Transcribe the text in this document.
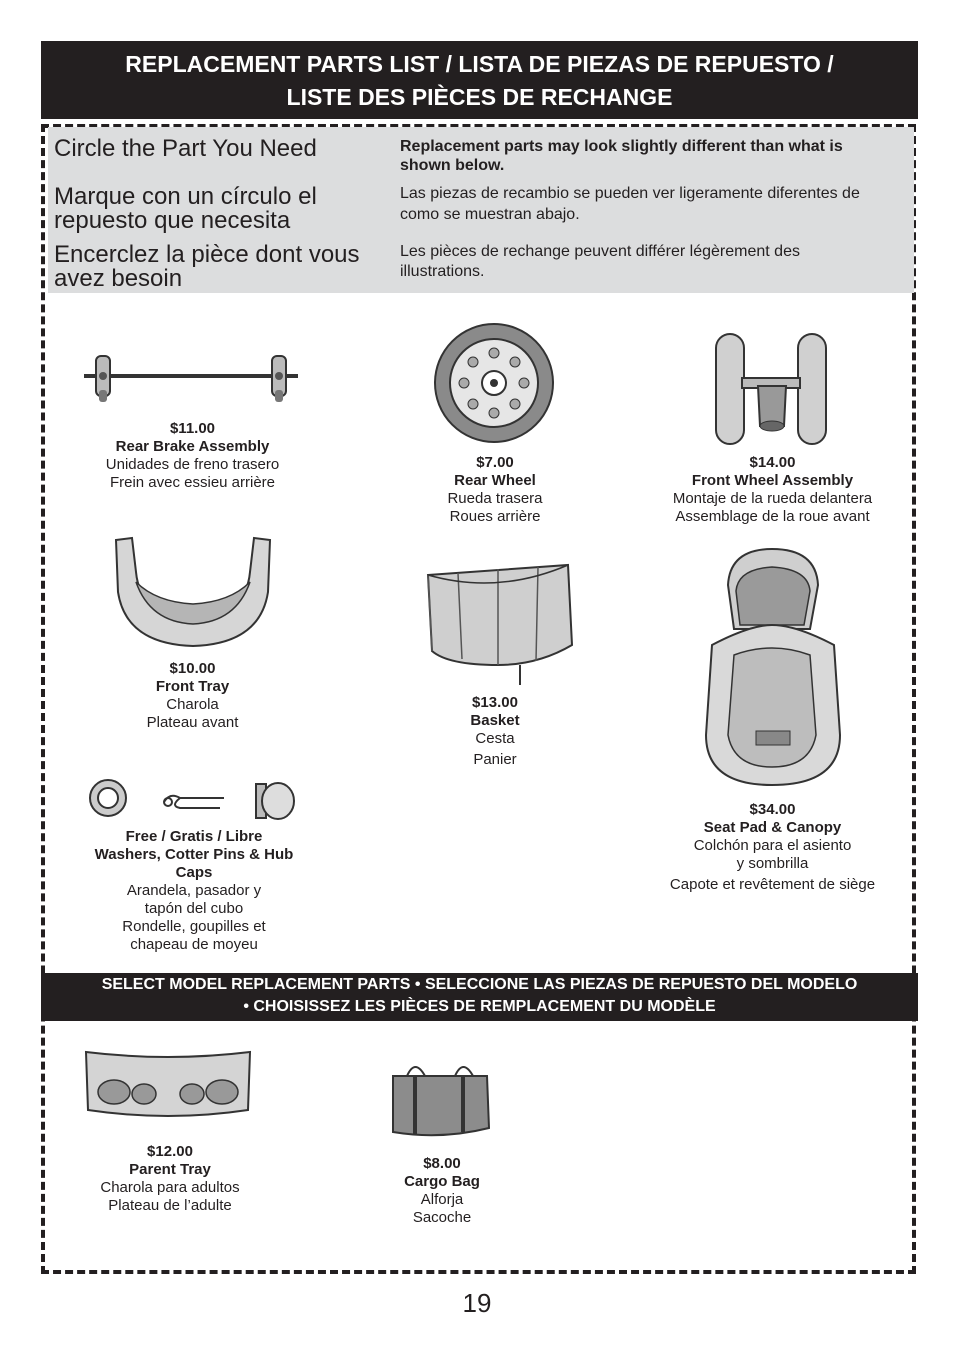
REPLACEMENT PARTS LIST / LISTA DE PIEZAS DE REPUESTO /
LISTE DES PIÈCES DE RECHANGE
Circle the Part You Need
Marque con un círculo el
repuesto que necesita
Encerclez la pièce dont vous
avez besoin
Replacement parts may look slightly different than what is
shown below.
Las piezas de recambio se pueden ver ligeramente diferentes de
como se muestran abajo.
Les pièces de rechange peuvent différer légèrement des
illustrations.
$11.00
Rear Brake Assembly
Unidades de freno trasero
Frein avec essieu arrière
$7.00
Rear Wheel
Rueda trasera
Roues arrière
$14.00
Front Wheel Assembly
Montaje de la rueda delantera
Assemblage de la roue avant
$10.00
Front Tray
Charola
Plateau avant
$13.00
Basket
Cesta
Panier
$34.00
Seat Pad & Canopy
Colchón para el asiento
y sombrilla
Capote et revêtement de siège
Free / Gratis / Libre
Washers, Cotter Pins & Hub
Caps
Arandela, pasador y
tapón del cubo
Rondelle, goupilles et
chapeau de moyeu
SELECT MODEL REPLACEMENT PARTS • SELECCIONE LAS PIEZAS DE REPUESTO DEL MODELO
• CHOISISSEZ LES PIÈCES DE REMPLACEMENT DU MODÈLE
$12.00
Parent Tray
Charola para adultos
Plateau de l’adulte
$8.00
Cargo Bag
Alforja
Sacoche
19
